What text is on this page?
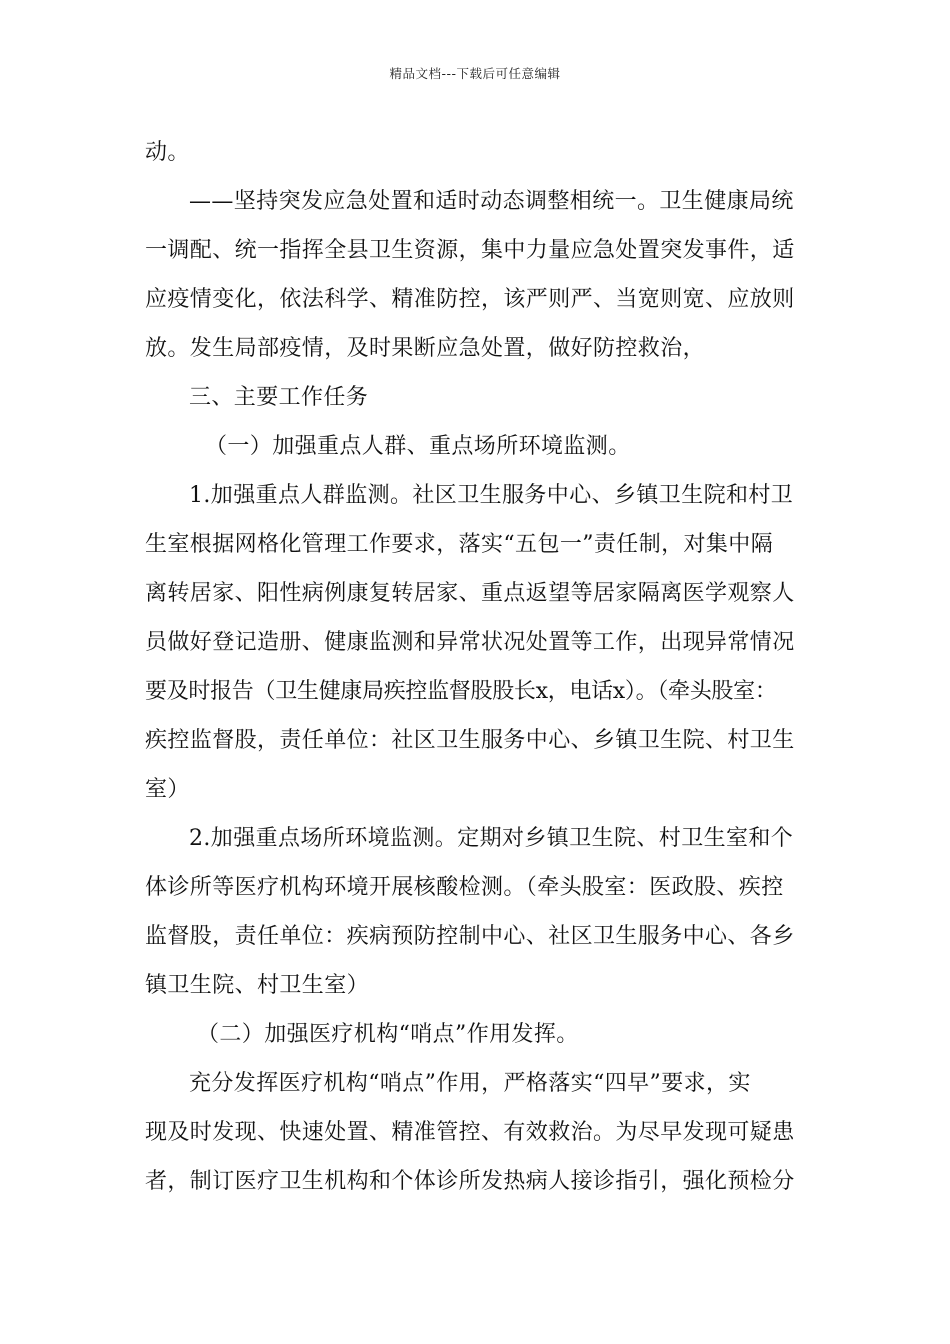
精品文档---下载后可任意编辑
动。
——坚持突发应急处置和适时动态调整相统一。卫生健康局统
一调配、统一指挥全县卫生资源，集中力量应急处置突发事件，适
应疫情变化，依法科学、精准防控，该严则严、当宽则宽、应放则
放。发生局部疫情，及时果断应急处置，做好防控救治，
三、主要工作任务
（一）加强重点人群、重点场所环境监测。
1.加强重点人群监测。社区卫生服务中心、乡镇卫生院和村卫
生室根据网格化管理工作要求，落实“五包一”责任制，对集中隔
离转居家、阳性病例康复转居家、重点返望等居家隔离医学观察人
员做好登记造册、健康监测和异常状况处置等工作，出现异常情况
要及时报告（卫生健康局疾控监督股股长x，电话x）。（牵头股室：
疾控监督股，责任单位：社区卫生服务中心、乡镇卫生院、村卫生
室）
2.加强重点场所环境监测。定期对乡镇卫生院、村卫生室和个
体诊所等医疗机构环境开展核酸检测。（牵头股室：医政股、疾控
监督股，责任单位：疾病预防控制中心、社区卫生服务中心、各乡
镇卫生院、村卫生室）
（二）加强医疗机构“哨点”作用发挥。
充分发挥医疗机构“哨点”作用，严格落实“四早”要求，实
现及时发现、快速处置、精准管控、有效救治。为尽早发现可疑患
者，制订医疗卫生机构和个体诊所发热病人接诊指引，强化预检分
